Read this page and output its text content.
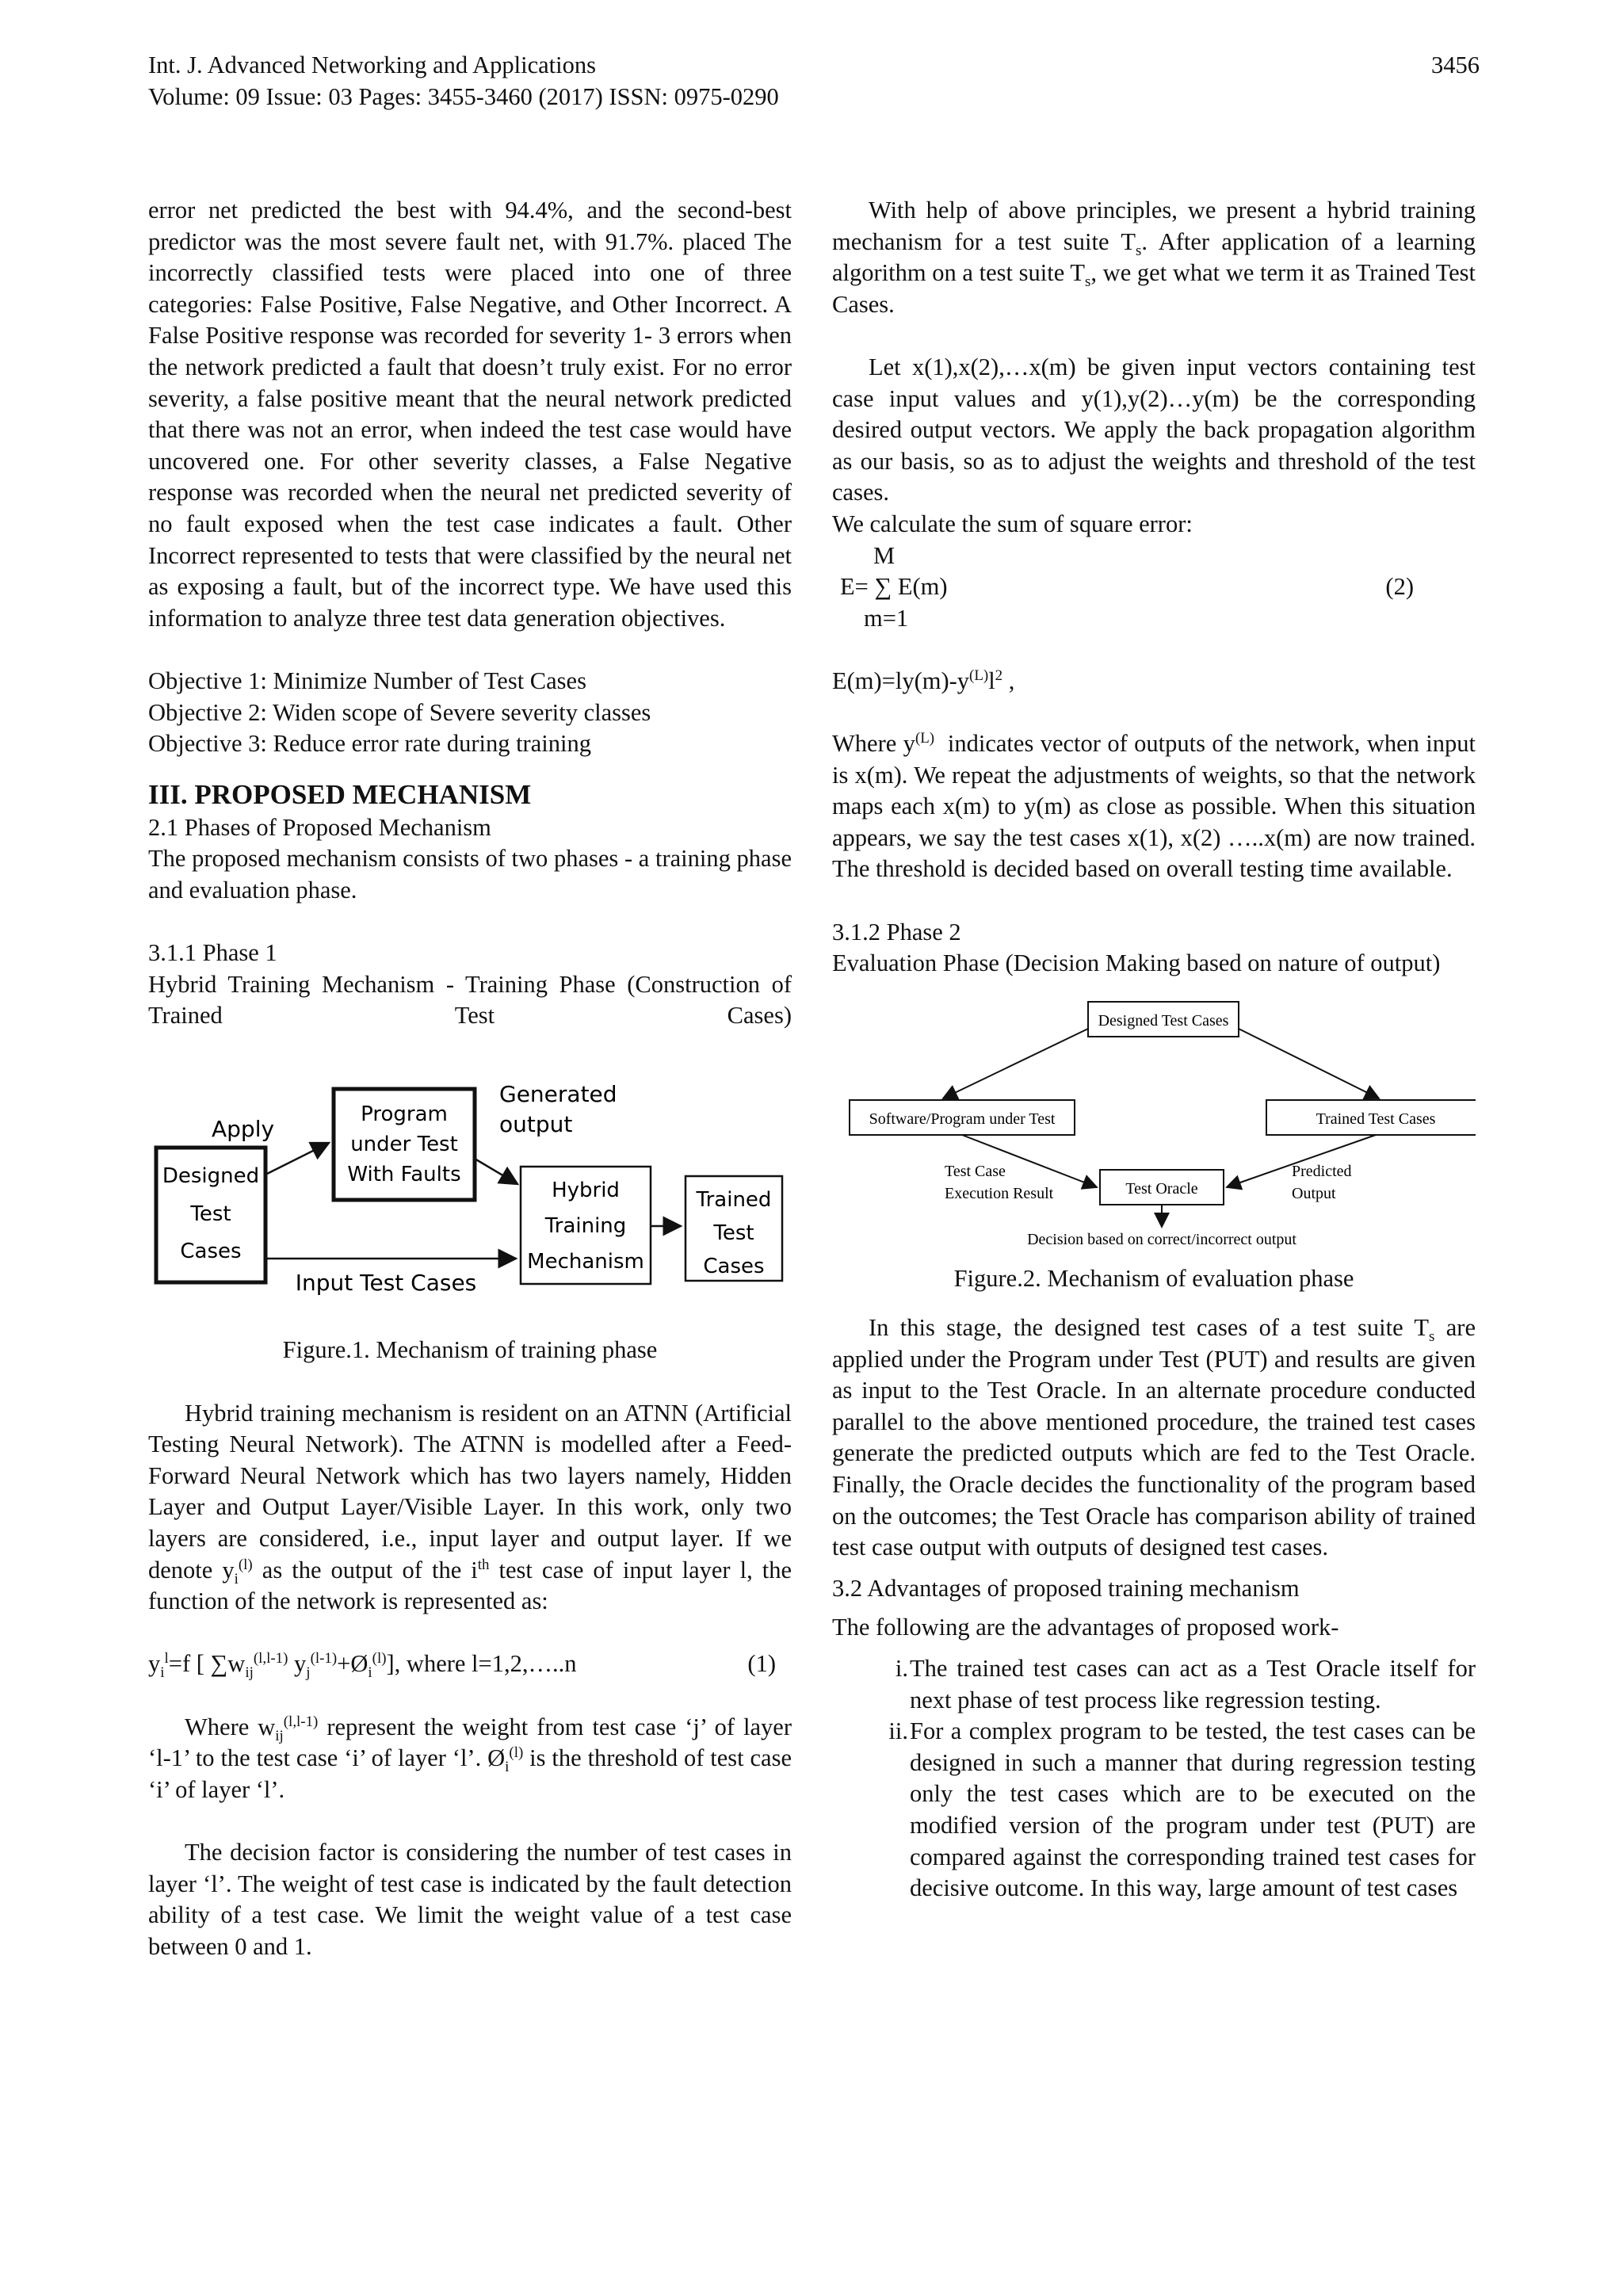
Int. J. Advanced Networking and Applications
Volume: 09 Issue: 03 Pages: 3455-3460 (2017) ISSN: 0975-0290
3456

error net predicted the best with 94.4%, and the second-best predictor was the most severe fault net, with 91.7%. placed The incorrectly classified tests were placed into one of three categories: False Positive, False Negative, and Other Incorrect. A False Positive response was recorded for severity 1- 3 errors when the network predicted a fault that doesn’t truly exist. For no error severity, a false positive meant that the neural network predicted that there was not an error, when indeed the test case would have uncovered one. For other severity classes, a False Negative response was recorded when the neural net predicted severity of no fault exposed when the test case indicates a fault. Other Incorrect represented to tests that were classified by the neural net as exposing a fault, but of the incorrect type. We have used this information to analyze three test data generation objectives.

Objective 1: Minimize Number of Test Cases
Objective 2: Widen scope of Severe severity classes
Objective 3: Reduce error rate during training
III. PROPOSED MECHANISM
2.1 Phases of Proposed Mechanism

The proposed mechanism consists of two phases - a training phase and evaluation phase.

3.1.1 Phase 1

Hybrid Training Mechanism - Training Phase (Construction of Trained Test Cases)

Apply
Designed
Test
Cases
Program
under Test
With Faults
Generated
output
Hybrid
Training
Mechanism
Trained
Test
Cases
Input Test Cases
Figure.1. Mechanism of training phase

Hybrid training mechanism is resident on an ATNN (Artificial Testing Neural Network). The ATNN is modelled after a Feed-Forward Neural Network which has two layers namely, Hidden Layer and Output Layer/Visible Layer. In this work, only two layers are considered, i.e., input layer and output layer. If we denote $y_i^{(l)}$ as the output of the $i^{th}$ test case of input layer l, the function of the network is represented as:

$y_i^l=f$ [ $\sum w_{ij}^{(l,l-1)}$ $y_j^{(l-1)}+Ø_i^{(l)}$], where l=1,2,…..n	(1)

Where $w_{ij}^{(l,l-1)}$ represent the weight from test case ‘j’ of layer ‘l-1’ to the test case ‘i’ of layer ‘l’. $Ø_i^{(l)}$ is the threshold of test case ‘i’ of layer ‘l’.

The decision factor is considering the number of test cases in layer ‘l’. The weight of test case is indicated by the fault detection ability of a test case. We limit the weight value of a test case between 0 and 1.

With help of above principles, we present a hybrid training mechanism for a test suite $T_s$. After application of a learning algorithm on a test suite $T_s$, we get what we term it as Trained Test Cases.

Let x(1),x(2),…x(m) be given input vectors containing test case input values and y(1),y(2)…y(m) be the corresponding desired output vectors. We apply the back propagation algorithm as our basis, so as to adjust the weights and threshold of the test cases.

We calculate the sum of square error:
M
E= ∑ E(m)
m=1
(2)
$E(m)=ly(m)-y^{(L)}l^2$ ,

Where $y^{(L)}$ indicates vector of outputs of the network, when input is x(m). We repeat the adjustments of weights, so that the network maps each x(m) to y(m) as close as possible. When this situation appears, we say the test cases x(1), x(2) …..x(m) are now trained. The threshold is decided based on overall testing time available.

3.1.2 Phase 2

Evaluation Phase (Decision Making based on nature of output)

Designed Test Cases
Software/Program under Test	Trained Test Cases
Test Oracle
Test Case
Execution Result
Predicted
Output
Decision based on correct/incorrect output
Figure.2. Mechanism of evaluation phase

In this stage, the designed test cases of a test suite $T_s$ are applied under the Program under Test (PUT) and results are given as input to the Test Oracle. In an alternate procedure conducted parallel to the above mentioned procedure, the trained test cases generate the predicted outputs which are fed to the Test Oracle. Finally, the Oracle decides the functionality of the program based on the outcomes; the Test Oracle has comparison ability of trained test case output with outputs of designed test cases.

3.2 Advantages of proposed training mechanism
The following are the advantages of proposed work-
i. The trained test cases can act as a Test Oracle itself for next phase of test process like regression testing.
ii. For a complex program to be tested, the test cases can be designed in such a manner that during regression testing only the test cases which are to be executed on the modified version of the program under test (PUT) are compared against the corresponding trained test cases for decisive outcome. In this way, large amount of test cases
